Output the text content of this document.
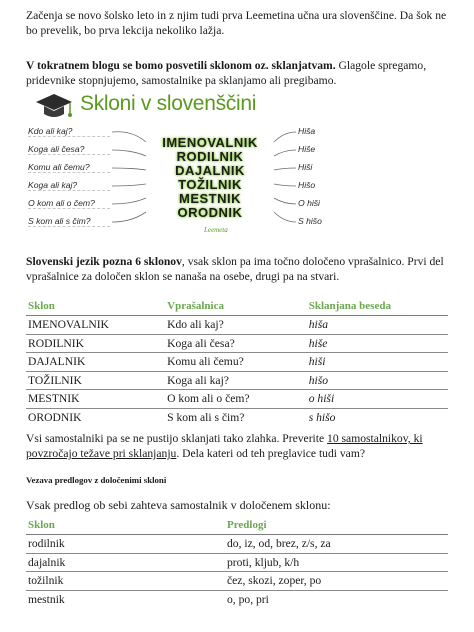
Začenja se novo šolsko leto in z njim tudi prva Leemetina učna ura slovenščine. Da šok ne bo prevelik, bo prva lekcija nekoliko lažja.
V tokratnem blogu se bomo posvetili sklonom oz. sklanjatvam. Glagole spregamo, pridevnike stopnjujemo, samostalnike pa sklanjamo ali pregibamo.
Skloni v slovenščini
Kdo ali kaj?
Koga ali česa?
Komu ali čemu?
Koga ali kaj?
O kom ali o čem?
S kom ali s čim?
IMENOVALNIK
RODILNIK
DAJALNIK
TOŽILNIK
MESTNIK
ORODNIK
Hiša
Hiše
Hiši
Hišo
O hiši
S hišo
Leemeta
Slovenski jezik pozna 6 sklonov, vsak sklon pa ima točno določeno vprašalnico. Prvi del vprašalnice za določen sklon se nanaša na osebe, drugi pa na stvari.
Sklon	Vprašalnica	Sklanjana beseda
IMENOVALNIK	Kdo ali kaj?	hiša
RODILNIK	Koga ali česa?	hiše
DAJALNIK	Komu ali čemu?	hiši
TOŽILNIK	Koga ali kaj?	hišo
MESTNIK	O kom ali o čem?	o hiši
ORODNIK	S kom ali s čim?	s hišo
Vsi samostalniki pa se ne pustijo sklanjati tako zlahka. Preverite 10 samostalnikov, ki povzročajo težave pri sklanjanju. Dela kateri od teh preglavice tudi vam?
Vezava predlogov z določenimi skloni
Vsak predlog ob sebi zahteva samostalnik v določenem sklonu:
Sklon	Predlogi
rodilnik	do, iz, od, brez, z/s, za
dajalnik	proti, kljub, k/h
tožilnik	čez, skozi, zoper, po
mestnik	o, po, pri
